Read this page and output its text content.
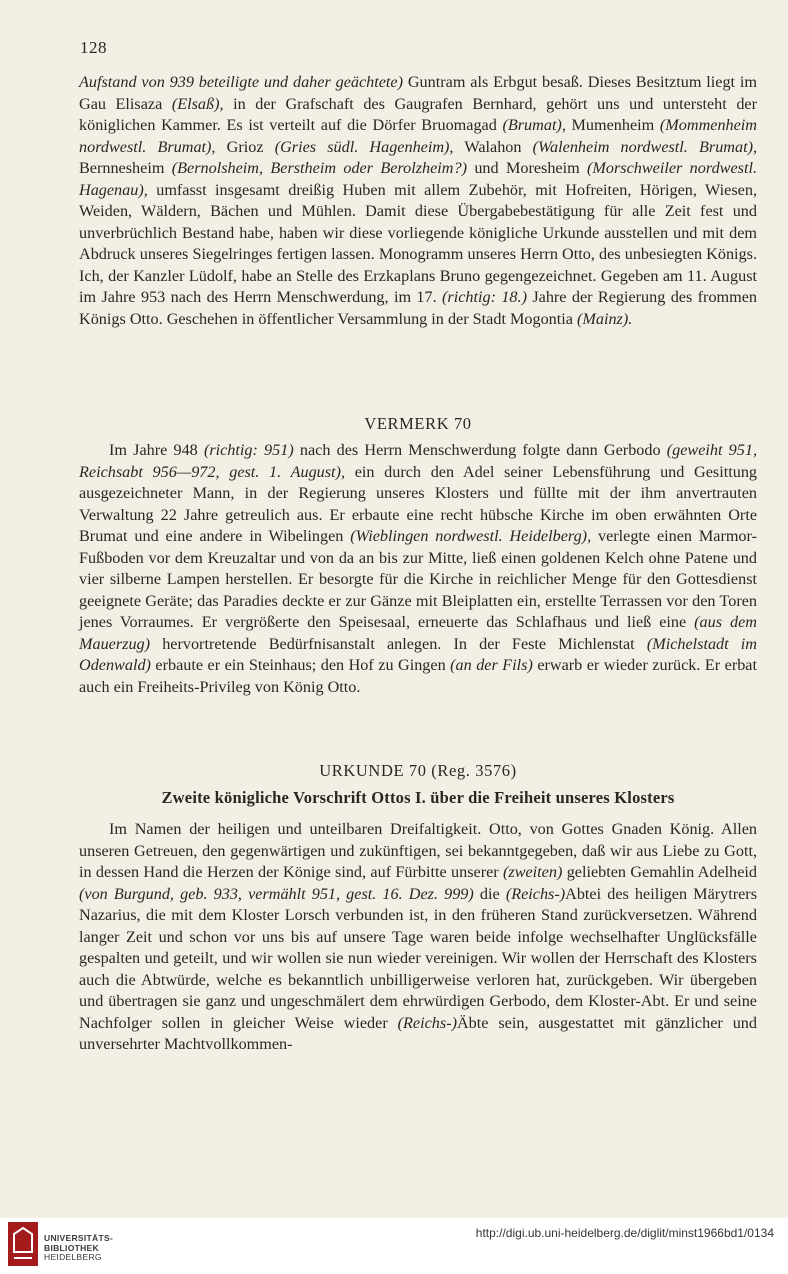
128

Aufstand von 939 beteiligte und daher geächtete) Guntram als Erbgut besaß. Dieses Besitztum liegt im Gau Elisaza (Elsaß), in der Grafschaft des Gaugrafen Bernhard, gehört uns und untersteht der königlichen Kammer. Es ist verteilt auf die Dörfer Bruomagad (Brumat), Mumenheim (Mommenheim nordwestl. Brumat), Grioz (Gries südl. Hagenheim), Walahon (Walenheim nordwestl. Brumat), Bernnesheim (Bernolsheim, Berstheim oder Berolzheim?) und Moresheim (Morschweiler nordwestl. Hagenau), umfasst insgesamt dreißig Huben mit allem Zubehör, mit Hofreiten, Hörigen, Wiesen, Weiden, Wäldern, Bächen und Mühlen. Damit diese Übergabebestätigung für alle Zeit fest und unverbrüchlich Bestand habe, haben wir diese vorliegende königliche Urkunde ausstellen und mit dem Abdruck unseres Siegelringes fertigen lassen. Monogramm unseres Herrn Otto, des unbesiegten Königs. Ich, der Kanzler Lüdolf, habe an Stelle des Erzkaplans Bruno gegengezeichnet. Gegeben am 11. August im Jahre 953 nach des Herrn Menschwerdung, im 17. (richtig: 18.) Jahre der Regierung des frommen Königs Otto. Geschehen in öffentlicher Versammlung in der Stadt Mogontia (Mainz).

VERMERK 70

Im Jahre 948 (richtig: 951) nach des Herrn Menschwerdung folgte dann Gerbodo (geweiht 951, Reichsabt 956—972, gest. 1. August), ein durch den Adel seiner Lebensführung und Gesittung ausgezeichneter Mann, in der Regierung unseres Klosters und füllte mit der ihm anvertrauten Verwaltung 22 Jahre getreulich aus. Er erbaute eine recht hübsche Kirche im oben erwähnten Orte Brumat und eine andere in Wibelingen (Wieblingen nordwestl. Heidelberg), verlegte einen Marmor-Fußboden vor dem Kreuzaltar und von da an bis zur Mitte, ließ einen goldenen Kelch ohne Patene und vier silberne Lampen herstellen. Er besorgte für die Kirche in reichlicher Menge für den Gottesdienst geeignete Geräte; das Paradies deckte er zur Gänze mit Bleiplatten ein, erstellte Terrassen vor den Toren jenes Vorraumes. Er vergrößerte den Speisesaal, erneuerte das Schlafhaus und ließ eine (aus dem Mauerzug) hervortretende Bedürfnisanstalt anlegen. In der Feste Michlenstat (Michelstadt im Odenwald) erbaute er ein Steinhaus; den Hof zu Gingen (an der Fils) erwarb er wieder zurück. Er erbat auch ein Freiheits-Privileg von König Otto.

URKUNDE 70 (Reg. 3576)
Zweite königliche Vorschrift Ottos I. über die Freiheit unseres Klosters

Im Namen der heiligen und unteilbaren Dreifaltigkeit. Otto, von Gottes Gnaden König. Allen unseren Getreuen, den gegenwärtigen und zukünftigen, sei bekanntgegeben, daß wir aus Liebe zu Gott, in dessen Hand die Herzen der Könige sind, auf Fürbitte unserer (zweiten) geliebten Gemahlin Adelheid (von Burgund, geb. 933, vermählt 951, gest. 16. Dez. 999) die (Reichs-)Abtei des heiligen Märytrers Nazarius, die mit dem Kloster Lorsch verbunden ist, in den früheren Stand zurückversetzen. Während langer Zeit und schon vor uns bis auf unsere Tage waren beide infolge wechselhafter Unglücksfälle gespalten und geteilt, und wir wollen sie nun wieder vereinigen. Wir wollen der Herrschaft des Klosters auch die Abtwürde, welche es bekanntlich unbilligerweise verloren hat, zurückgeben. Wir übergeben und übertragen sie ganz und ungeschmälert dem ehrwürdigen Gerbodo, dem Kloster-Abt. Er und seine Nachfolger sollen in gleicher Weise wieder (Reichs-)Äbte sein, ausgestattet mit gänzlicher und unversehrter Machtvollkommen-

UNIVERSITÄTS-
BIBLIOTHEK
HEIDELBERG
http://digi.ub.uni-heidelberg.de/diglit/minst1966bd1/0134
